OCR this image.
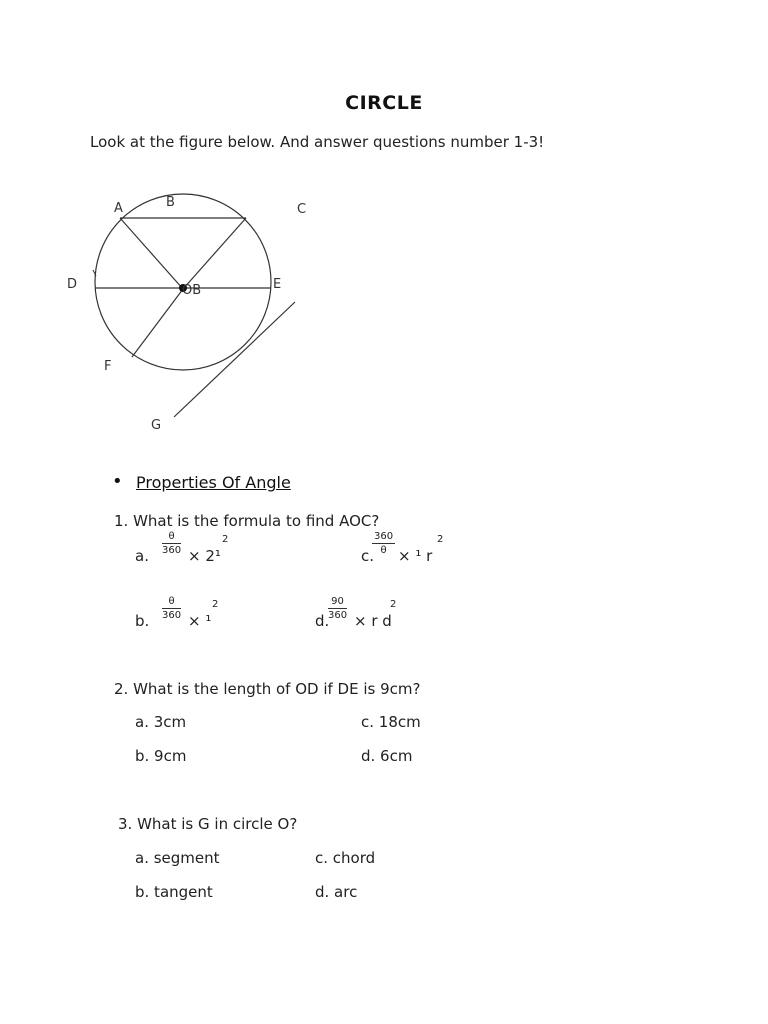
CIRCLE
Look at the figure below. And answer questions number 1-3!
A	B	C
D	E
OB
F
G
• Properties Of Angle
1. What is the formula to find AOC?
a. $\frac{\theta}{360} \times 2^1$
2
c.
$\frac{360}{\theta} \times ^1$ r
2
b. $\frac{\theta}{360} \times ^1$
2
d.
$\frac{90}{360} \times r$ d
2
2. What is the length of OD if DE is 9cm?
a. 3cm	c. 18cm
b. 9cm	d. 6cm
3. What is G in circle O?
a. segment	c. chord
b. tangent	d. arc
